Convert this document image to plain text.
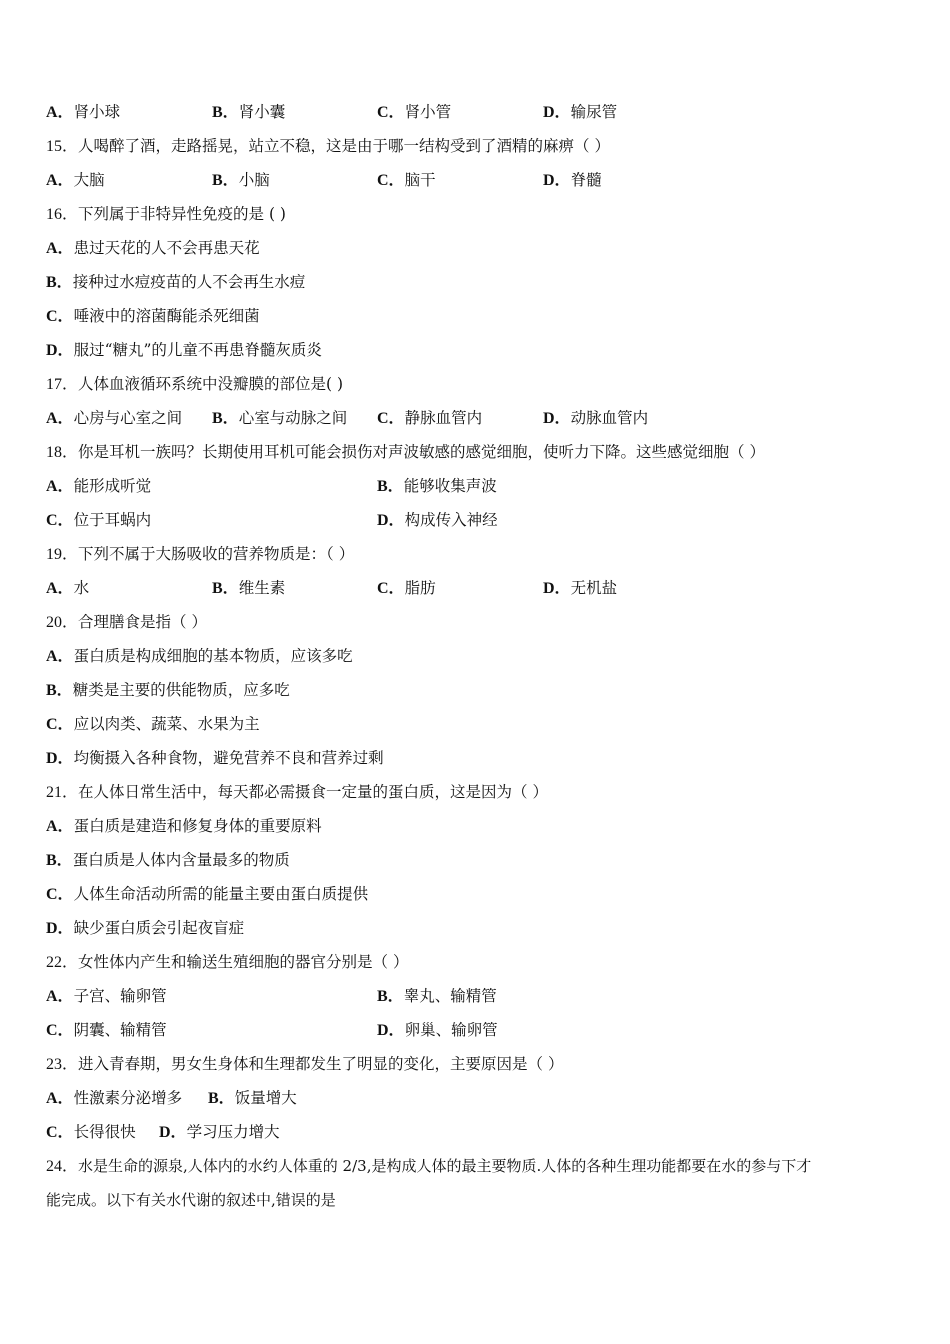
A．肾小球	B．肾小囊	C．肾小管	D．输尿管
15．人喝醉了酒，走路摇晃，站立不稳，这是由于哪一结构受到了酒精的麻痹（ ）
A．大脑	B．小脑	C．脑干	D．脊髓
16．下列属于非特异性免疫的是 ( )
A．患过天花的人不会再患天花
B．接种过水痘疫苗的人不会再生水痘
C．唾液中的溶菌酶能杀死细菌
D．服过“糖丸”的儿童不再患脊髓灰质炎
17．人体血液循环系统中没瓣膜的部位是( )
A．心房与心室之间 B．心室与动脉之间 C．静脉血管内	D．动脉血管内
18．你是耳机一族吗？长期使用耳机可能会损伤对声波敏感的感觉细胞，使听力下降。这些感觉细胞（ ）
A．能形成听觉	B．能够收集声波
C．位于耳蜗内	D．构成传入神经
19．下列不属于大肠吸收的营养物质是：（ ）
A．水	B．维生素	C．脂肪	D．无机盐
20．合理膳食是指（ ）
A．蛋白质是构成细胞的基本物质，应该多吃
B．糖类是主要的供能物质，应多吃
C．应以肉类、蔬菜、水果为主
D．均衡摄入各种食物，避免营养不良和营养过剩
21．在人体日常生活中，每天都必需摄食一定量的蛋白质，这是因为（ ）
A．蛋白质是建造和修复身体的重要原料
B．蛋白质是人体内含量最多的物质
C．人体生命活动所需的能量主要由蛋白质提供
D．缺少蛋白质会引起夜盲症
22．女性体内产生和输送生殖细胞的器官分别是（ ）
A．子宫、输卵管	B．睾丸、输精管
C．阴囊、输精管	D．卵巢、输卵管
23．进入青春期，男女生身体和生理都发生了明显的变化，主要原因是（ ）
A．性激素分泌增多 B．饭量增大
C．长得很快 D．学习压力增大
24．水是生命的源泉,人体内的水约人体重的 2/3,是构成人体的最主要物质.人体的各种生理功能都要在水的参与下才
能完成。以下有关水代谢的叙述中,错误的是
